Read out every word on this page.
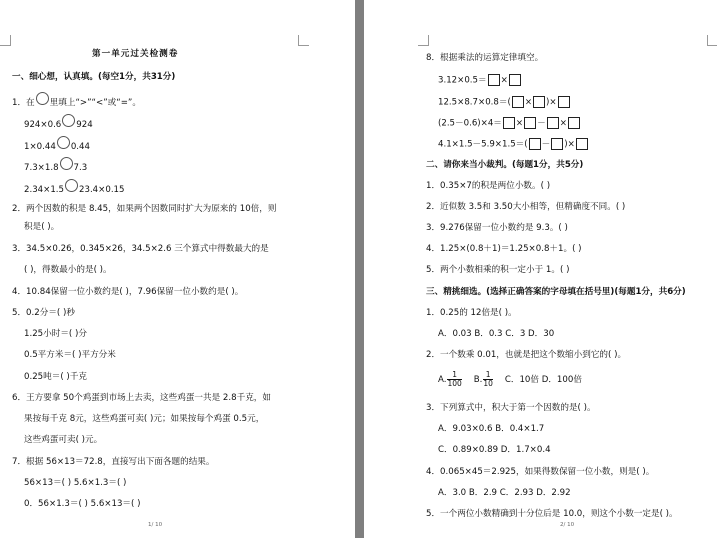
第一单元过关检测卷
一、细心想，认真填。(每空1分，共31分)
1．在 里填上“>”“<”或“=”。
924×0.6 924
1×0.44 0.44
7.3×1.8 7.3
2.34×1.5 23.4×0.15
2．两个因数的积是 8.45，如果两个因数同时扩大为原来的 10倍，则
积是( )。
3．34.5×0.26，0.345×26，34.5×2.6 三个算式中得数最大的是
( )，得数最小的是( )。
4．10.84保留一位小数约是( )，7.96保留一位小数约是( )。
5．0.2分＝( )秒
1.25小时＝( )分
0.5平方米＝( )平方分米
0.25吨＝( )千克
6．王方要拿 50个鸡蛋到市场上去卖，这些鸡蛋一共是 2.8千克，如
果按每千克 8元，这些鸡蛋可卖( )元；如果按每个鸡蛋 0.5元，
这些鸡蛋可卖( )元。
7．根据 56×13＝72.8，直接写出下面各题的结果。
56×13＝( ) 5.6×1.3＝( )
0．56×1.3＝( ) 5.6×13＝( )
1/ 10
8．根据乘法的运算定律填空。
3.12×0.5＝ ×
12.5×8.7×0.8＝( × )×
(2.5－0.6)×4＝ × － ×
4.1×1.5－5.9×1.5＝( － )×
二、请你来当小裁判。(每题1分，共5分)
1．0.35×7的积是两位小数。( )
2．近似数 3.5和 3.50大小相等，但精确度不同。( )
3．9.276保留一位小数约是 9.3。( )
4．1.25×(0.8＋1)＝1.25×0.8＋1。( )
5．两个小数相乘的积一定小于 1。( )
三、精挑细选。(选择正确答案的字母填在括号里)(每题1分，共6分)
1．0.25的 12倍是( )。
A．0.03 B．0.3 C．3 D．30
2．一个数乘 0.01，也就是把这个数缩小到它的( )。
A. $\frac{1}{100} B$. $\frac{1}{10}$ C．10倍 D．100倍
3．下列算式中，积大于第一个因数的是( )。
A．9.03×0.6 B．0.4×1.7
C．0.89×0.89 D．1.7×0.4
4．0.065×45＝2.925，如果得数保留一位小数，则是( )。
A．3.0 B．2.9 C．2.93 D．2.92
5．一个两位小数精确到十分位后是 10.0，则这个小数一定是( )。
2/ 10
